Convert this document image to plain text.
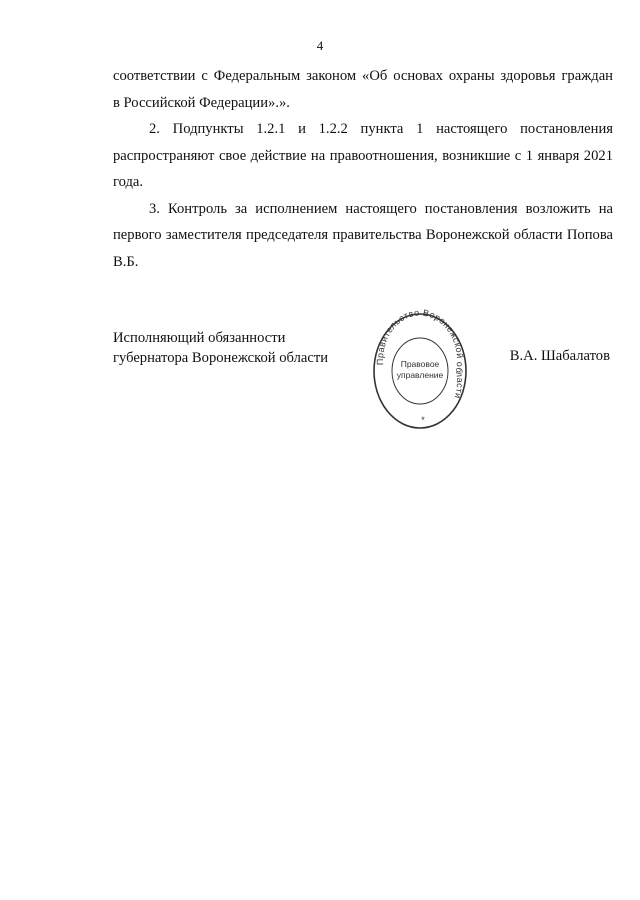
4

соответствии с Федеральным законом «Об основах охраны здоровья граждан

в Российской Федерации».».

2. Подпункты 1.2.1 и 1.2.2 пункта 1 настоящего постановления распространяют свое действие на правоотношения, возникшие с 1 января 2021 года.

3. Контроль за исполнением настоящего постановления возложить на первого заместителя председателя правительства Воронежской области Попова В.Б.

Исполняющий обязанности
губернатора Воронежской области	Правительство Воронежской области
Правовое
управление
*
В.А. Шабалатов
